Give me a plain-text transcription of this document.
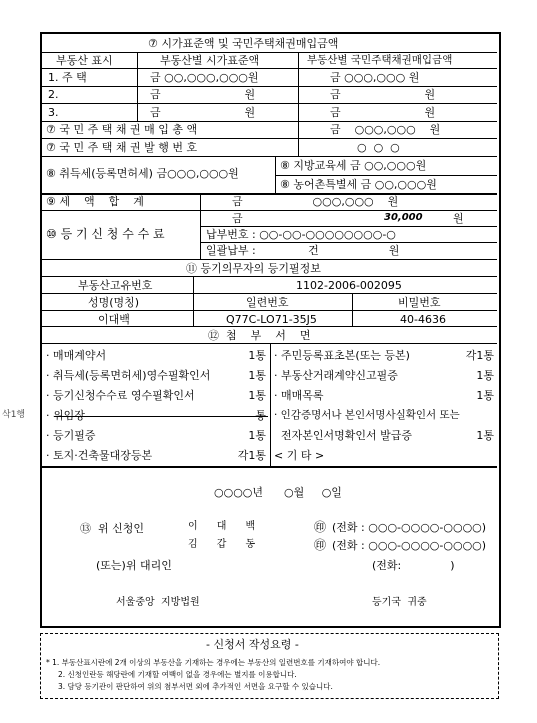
⑦ 시가표준액 및 국민주택채권매입금액
부동산 표시	부동산별 시가표준액	부동산별 국민주택채권매입금액
1. 주 택	금 ○○,○○○,○○○원	금 ○○○,○○○ 원
2.	금                        원	금                        원
3.	금                        원	금                        원
⑦ 국 민 주 택 채 권 매 입 총 액	금    ○○○,○○○    원
⑦ 국 민 주 택 채 권 발 행 번 호	○  ○  ○
⑧ 취득세(등록면허세) 금○○○,○○○원
⑧ 지방교육세 금 ○○,○○○원
⑧ 농어촌특별세 금 ○○,○○○원
⑨ 세    액    합    계	금                    ○○○,○○○    원
⑩ 등 기 신 청 수 수 료
금	30,000	원
납부번호 : ○○-○○-○○○○○○○○-○
일괄납부 :               건                    원
⑪ 등기의무자의 등기필정보
부동산고유번호	1102-2006-002095
성명(명칭)	일련번호	비밀번호
이대백	Q77C-LO71-35J5	40-4636
⑫  첨    부    서    면
· 매매계약서	1통
· 취득세(등록면허세)영수필확인서	1통
· 등기신청수수료 영수필확인서	1통
· 위임장	통
· 등기필증	1통
· 토지·건축물대장등본	각1통
· 주민등록표초본(또는 등본)	각1통
· 부동산거래계약신고필증	1통
· 매매목록	1통
· 인감증명서나 본인서명사실확인서 또는
전자본인서명확인서 발급증	1통
< 기 타 >
삭1행
○○○○년      ○월     ○일
⑬  위 신청인	이      대      백	㊞ (전화 : ○○○-○○○○-○○○○)
김      갑      동	㊞ (전화 : ○○○-○○○○-○○○○)
(또는)위 대리인	(전화:              )
서울중앙  지방법원	등기국  귀중
- 신청서 작성요령 -
* 1. 부동산표시란에 2개 이상의 부동산을 기재하는 경우에는 부동산의 일련번호를 기재하여야 합니다.
2. 신청인란등 해당란에 기재할 여백이 없을 경우에는 별지를 이용합니다.
3. 담당 등기관이 판단하여 위의 첨부서면 외에 추가적인 서면을 요구할 수 있습니다.
